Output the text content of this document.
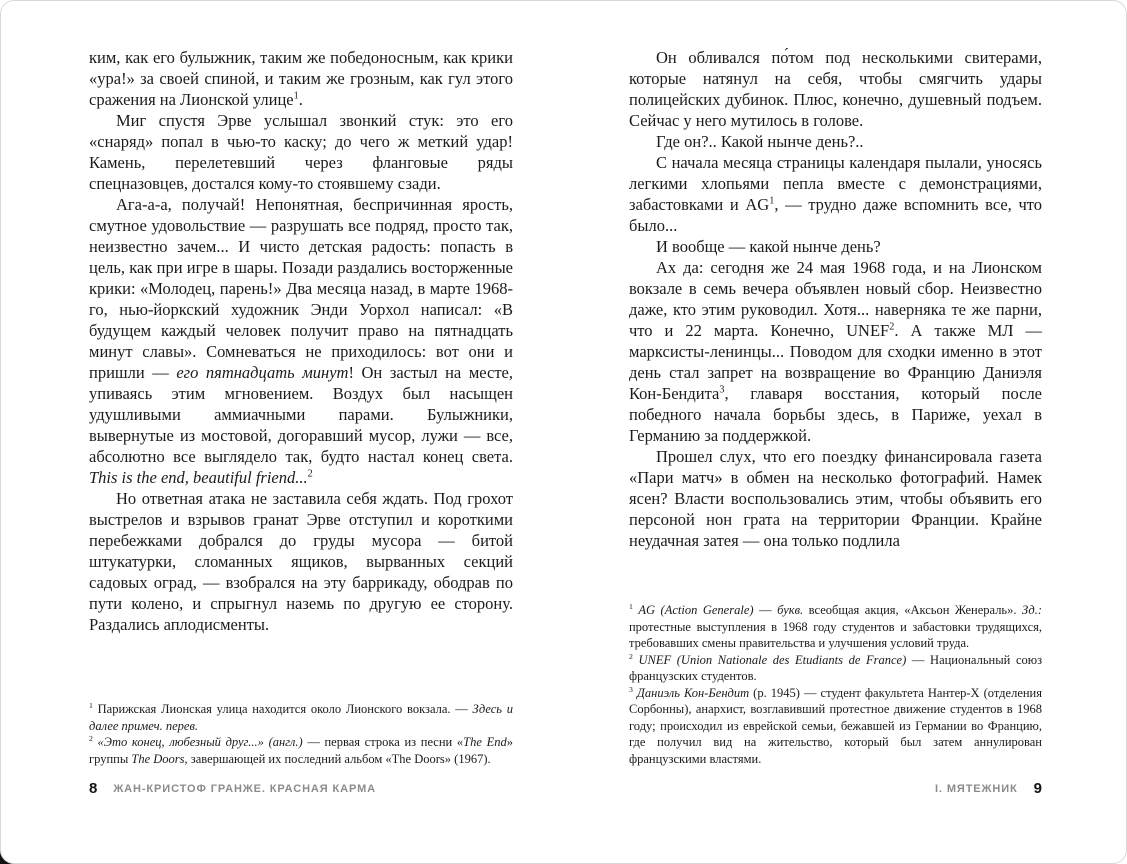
ким, как его булыжник, таким же победоносным, как крики «ура!» за своей спиной, и таким же грозным, как гул этого сражения на Лионской улице$^1$.

Миг спустя Эрве услышал звонкий стук: это его «снаряд» попал в чью-то каску; до чего ж меткий удар! Камень, перелетевший через фланговые ряды спецназовцев, достался кому-то стоявшему сзади.

Ага-а-а, получай! Непонятная, беспричинная ярость, смутное удовольствие — разрушать все подряд, просто так, неизвестно зачем... И чисто детская радость: попасть в цель, как при игре в шары. Позади раздались восторженные крики: «Молодец, парень!» Два месяца назад, в марте 1968-го, нью-йоркский художник Энди Уорхол написал: «В будущем каждый человек получит право на пятнадцать минут славы». Сомневаться не приходилось: вот они и пришли — его пятнадцать минут! Он застыл на месте, упиваясь этим мгновением. Воздух был насыщен удушливыми аммиачными парами. Булыжники, вывернутые из мостовой, догоравший мусор, лужи — все, абсолютно все выглядело так, будто настал конец света. This is the end, beautiful friend...$^2$

Но ответная атака не заставила себя ждать. Под грохот выстрелов и взрывов гранат Эрве отступил и короткими перебежками добрался до груды мусора — битой штукатурки, сломанных ящиков, вырванных секций садовых оград, — взобрался на эту баррикаду, ободрав по пути колено, и спрыгнул наземь по другую ее сторону. Раздались аплодисменты.

$^1$ Парижская Лионская улица находится около Лионского вокзала. — Здесь и далее примеч. перев.

$^2$ «Это конец, любезный друг...» (англ.) — первая строка из песни «The End» группы The Doors, завершающей их последний альбом «The Doors» (1967).

8 ЖАН-КРИСТОФ ГРАНЖЕ. КРАСНАЯ КАРМА

Он обливался по́том под несколькими свитерами, которые натянул на себя, чтобы смягчить удары полицейских дубинок. Плюс, конечно, душевный подъем. Сейчас у него мутилось в голове.

Где он?.. Какой нынче день?..

С начала месяца страницы календаря пылали, уносясь легкими хлопьями пепла вместе с демонстрациями, забастовками и $AG^1$, — трудно даже вспомнить все, что было...

И вообще — какой нынче день?

Ах да: сегодня же 24 мая 1968 года, и на Лионском вокзале в семь вечера объявлен новый сбор. Неизвестно даже, кто этим руководил. Хотя... наверняка те же парни, что и 22 марта. Конечно, UNEF$^2$. А также МЛ — марксисты-ленинцы... Поводом для сходки именно в этот день стал запрет на возвращение во Францию Даниэля Кон-Бендита$^3$, главаря восстания, который после победного начала борьбы здесь, в Париже, уехал в Германию за поддержкой.

Прошел слух, что его поездку финансировала газета «Пари матч» в обмен на несколько фотографий. Намек ясен? Власти воспользовались этим, чтобы объявить его персоной нон грата на территории Франции. Крайне неудачная затея — она только подлила

$^1$ AG (Action Generale) — букв. всеобщая акция, «Аксьон Женераль». Зд.: протестные выступления в 1968 году студентов и забастовки трудящихся, требовавших смены правительства и улучшения условий труда.

$^2$ UNEF (Union Nationale des Etudiants de France) — Национальный союз французских студентов.

$^3$ Даниэль Кон-Бендит (р. 1945) — студент факультета Нантер-Х (отделения Сорбонны), анархист, возглавивший протестное движение студентов в 1968 году; происходил из еврейской семьи, бежавшей из Германии во Францию, где получил вид на жительство, который был затем аннулирован французскими властями.

I. МЯТЕЖНИК 9
